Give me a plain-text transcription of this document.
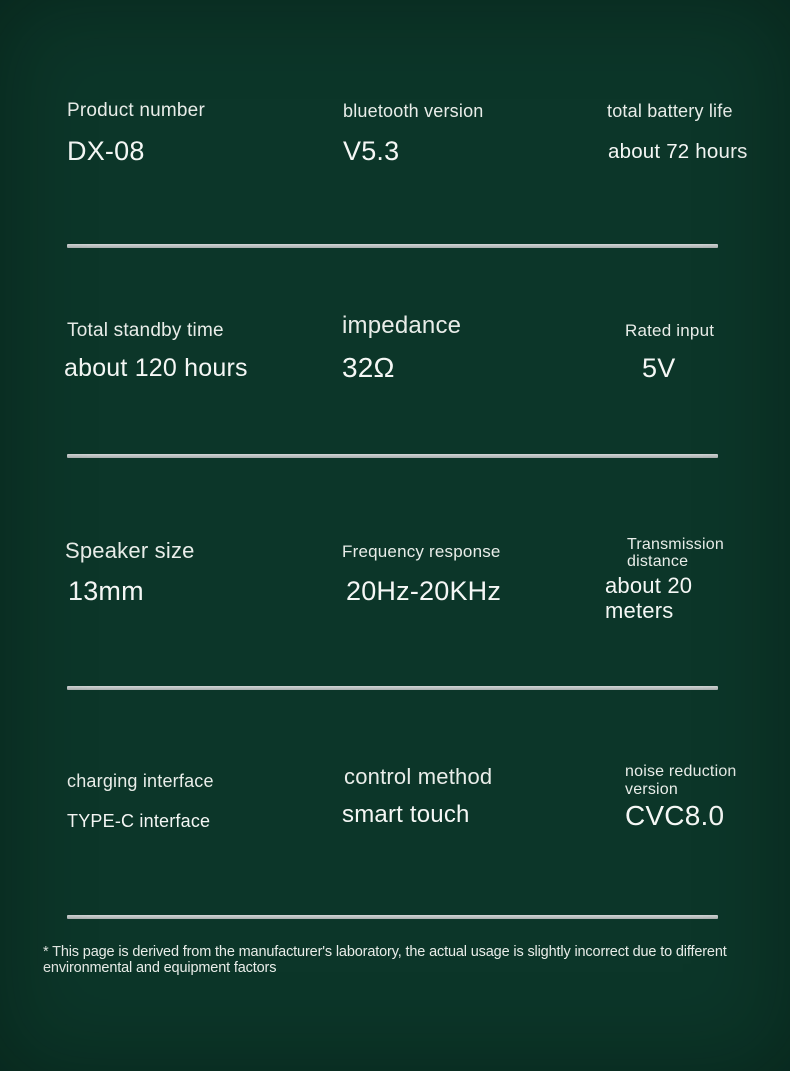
Product number
DX-08
bluetooth version
V5.3
total battery life
about 72 hours
Total standby time
about 120 hours
impedance
32Ω
Rated input
5V
Speaker size
13mm
Frequency response
20Hz-20KHz
Transmission distance
about 20 meters
charging interface
TYPE-C interface
control method
smart touch
noise reduction version
CVC8.0
* This page is derived from the manufacturer's laboratory, the actual usage is slightly incorrect due to different environmental and equipment factors
